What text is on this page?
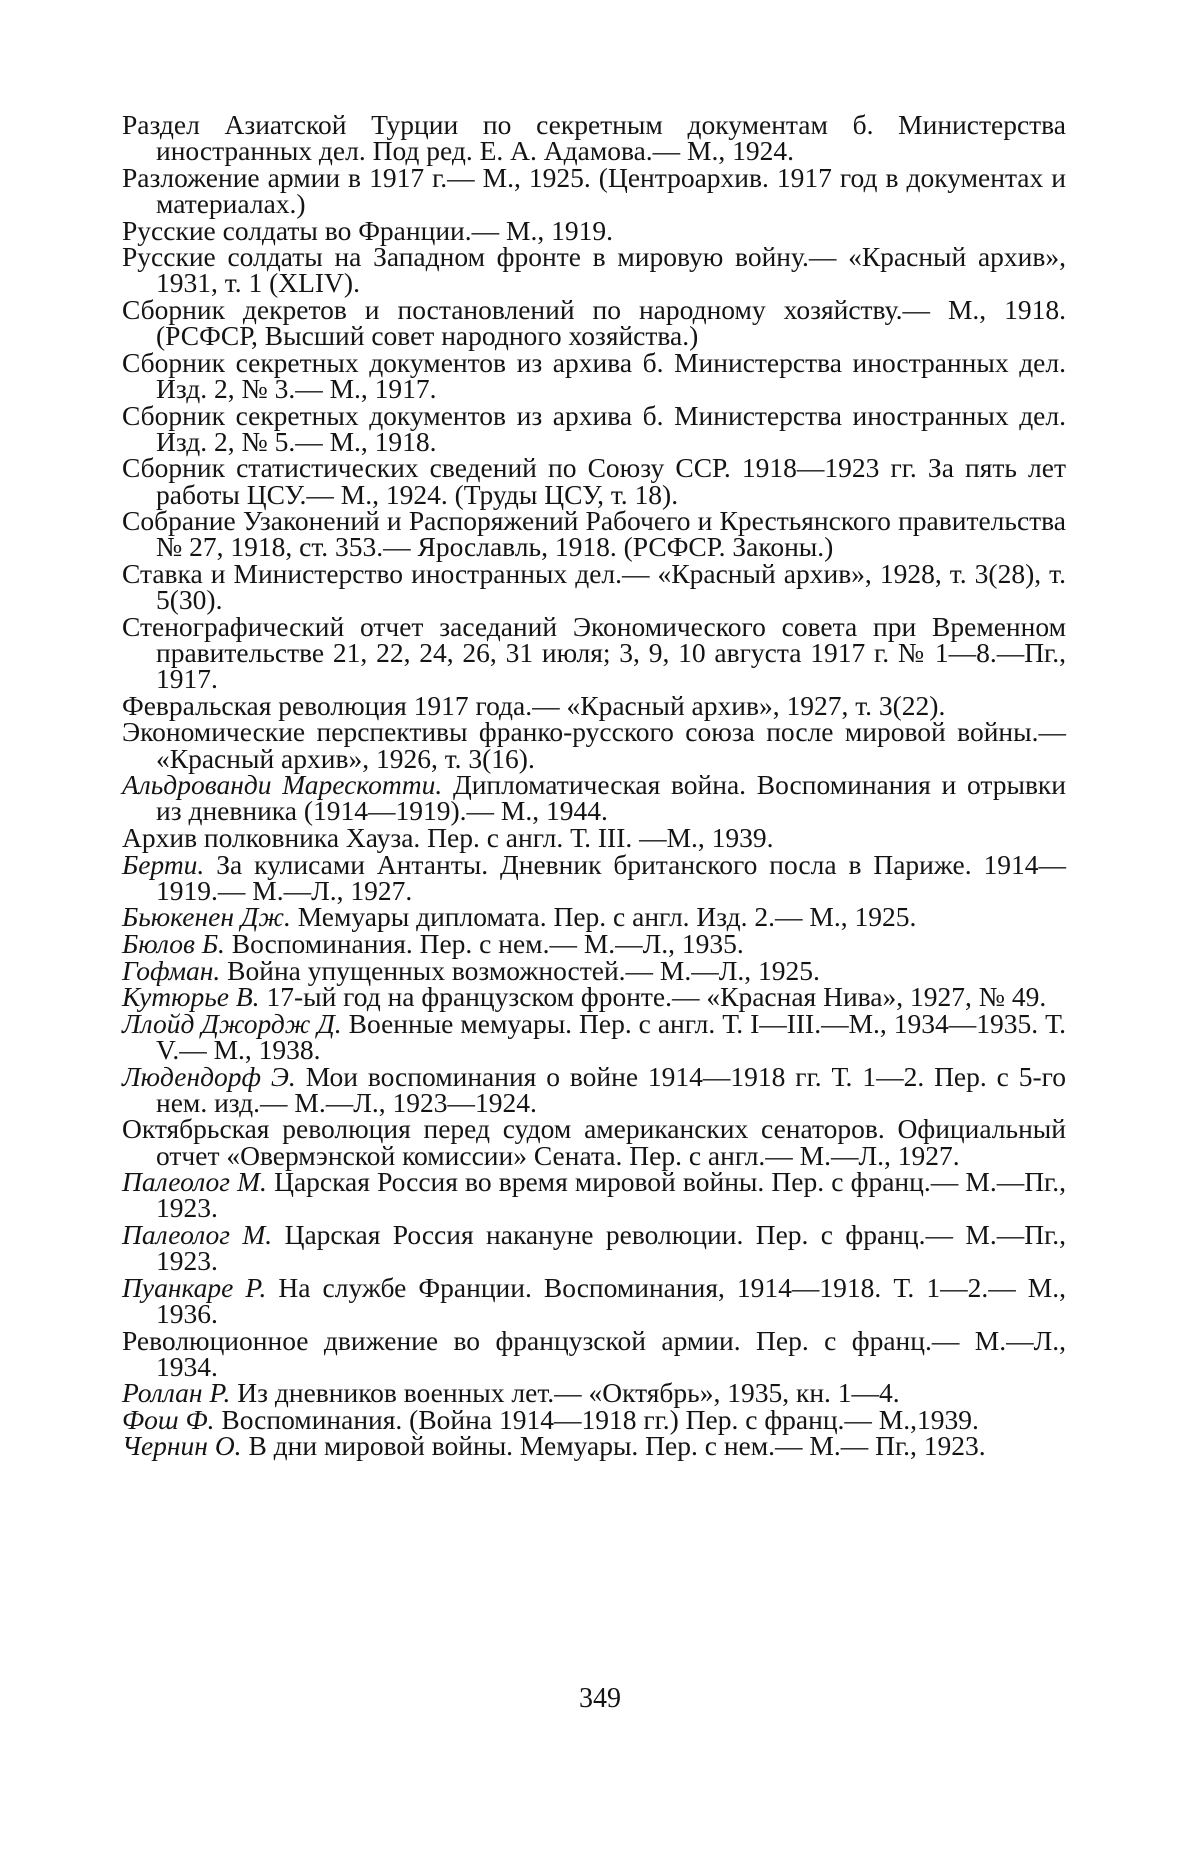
Раздел Азиатской Турции по секретным документам б. Министерства иностранных дел. Под ред. Е. А. Адамова.— М., 1924.

Разложение армии в 1917 г.— М., 1925. (Центроархив. 1917 год в документах и материалах.)

Русские солдаты во Франции.— М., 1919.

Русские солдаты на Западном фронте в мировую войну.— «Красный архив», 1931, т. 1 (XLIV).

Сборник декретов и постановлений по народному хозяйству.— М., 1918. (РСФСР, Высший совет народного хозяйства.)

Сборник секретных документов из архива б. Министерства иностранных дел. Изд. 2, № 3.— М., 1917.

Сборник секретных документов из архива б. Министерства иностранных дел. Изд. 2, № 5.— М., 1918.

Сборник статистических сведений по Союзу ССР. 1918—1923 гг. За пять лет работы ЦСУ.— М., 1924. (Труды ЦСУ, т. 18).

Собрание Узаконений и Распоряжений Рабочего и Крестьянского правительства № 27, 1918, ст. 353.— Ярославль, 1918. (РСФСР. Законы.)

Ставка и Министерство иностранных дел.— «Красный архив», 1928, т. 3(28), т. 5(30).

Стенографический отчет заседаний Экономического совета при Временном правительстве 21, 22, 24, 26, 31 июля; 3, 9, 10 августа 1917 г. № 1—8.—Пг., 1917.

Февральская революция 1917 года.— «Красный архив», 1927, т. 3(22).

Экономические перспективы франко-русского союза после мировой войны.— «Красный архив», 1926, т. 3(16).

Альдрованди Марескотти. Дипломатическая война. Воспоминания и отрывки из дневника (1914—1919).— М., 1944.

Архив полковника Хауза. Пер. с англ. Т. III. —М., 1939.

Берти. За кулисами Антанты. Дневник британского посла в Париже. 1914—1919.— М.—Л., 1927.

Бьюкенен Дж. Мемуары дипломата. Пер. с англ. Изд. 2.— М., 1925.

Бюлов Б. Воспоминания. Пер. с нем.— М.—Л., 1935.

Гофман. Война упущенных возможностей.— М.—Л., 1925.

Кутюрье В. 17-ый год на французском фронте.— «Красная Нива», 1927, № 49.

Ллойд Джордж Д. Военные мемуары. Пер. с англ. Т. I—III.—М., 1934—1935. Т. V.— М., 1938.

Людендорф Э. Мои воспоминания о войне 1914—1918 гг. Т. 1—2. Пер. с 5-го нем. изд.— М.—Л., 1923—1924.

Октябрьская революция перед судом американских сенаторов. Официальный отчет «Овермэнской комиссии» Сената. Пер. с англ.— М.—Л., 1927.

Палеолог М. Царская Россия во время мировой войны. Пер. с франц.— М.—Пг., 1923.

Палеолог М. Царская Россия накануне революции. Пер. с франц.— М.—Пг., 1923.

Пуанкаре Р. На службе Франции. Воспоминания, 1914—1918. Т. 1—2.— М., 1936.

Революционное движение во французской армии. Пер. с франц.— М.—Л., 1934.

Роллан Р. Из дневников военных лет.— «Октябрь», 1935, кн. 1—4.

Фош Ф. Воспоминания. (Война 1914—1918 гг.) Пер. с франц.— М.,1939.

Чернин О. В дни мировой войны. Мемуары. Пер. с нем.— М.— Пг., 1923.

349
